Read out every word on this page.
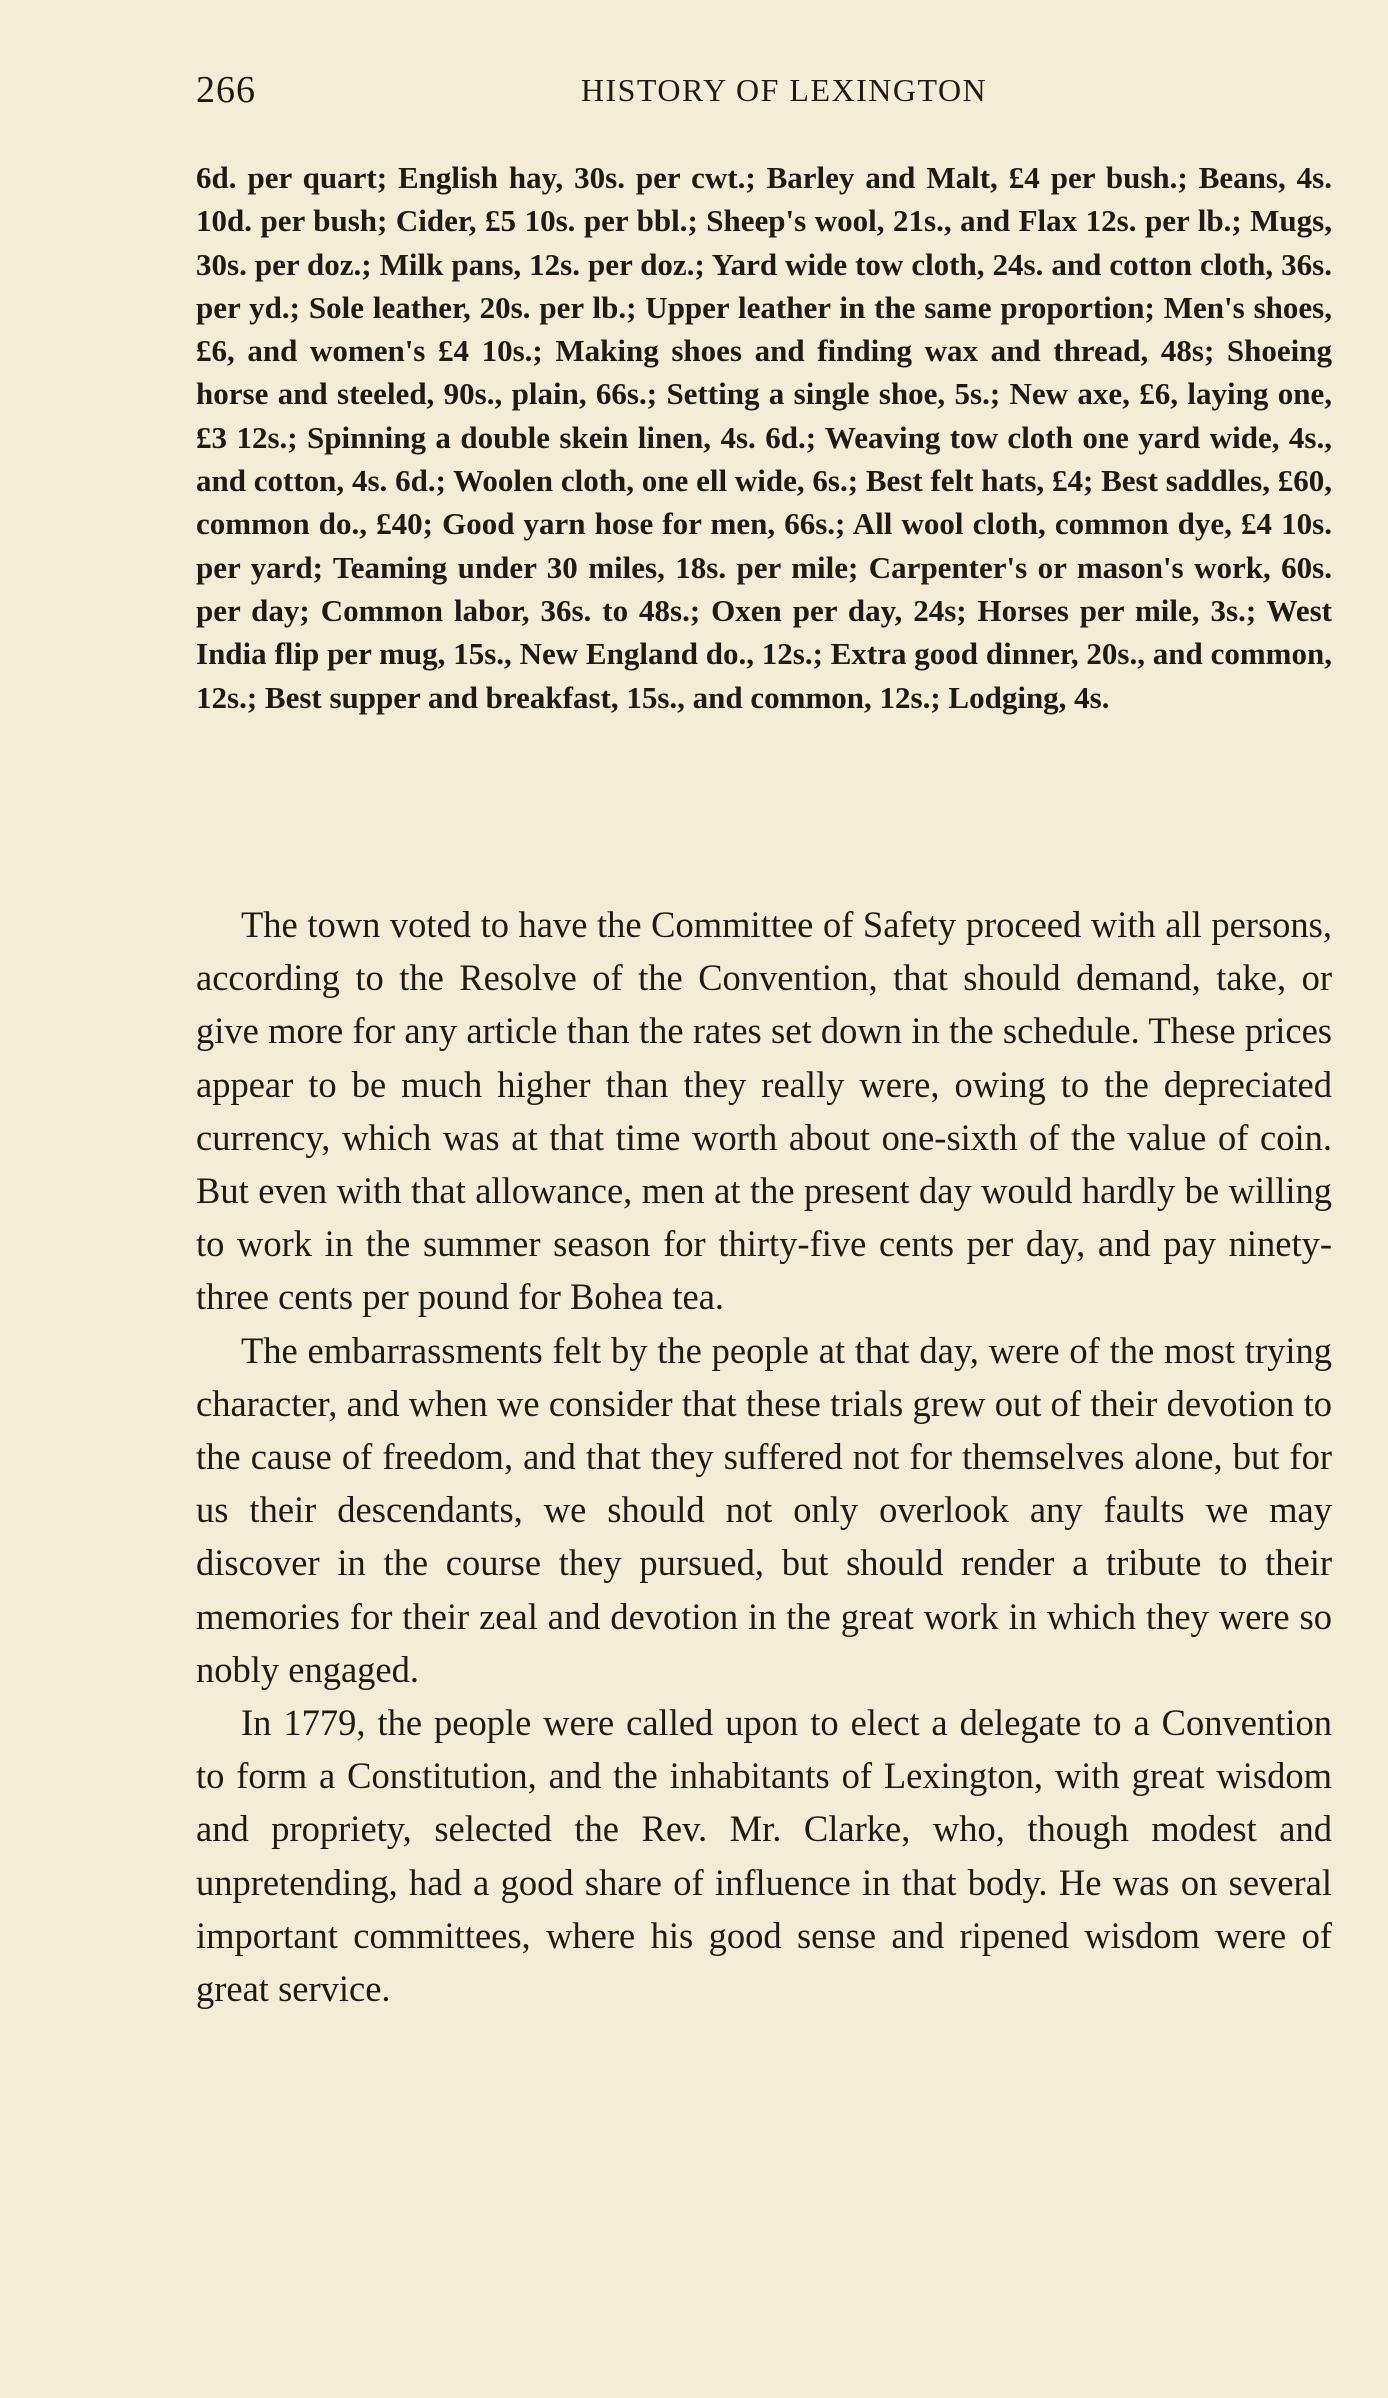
266	HISTORY OF LEXINGTON

6d. per quart; English hay, 30s. per cwt.; Barley and Malt, £4 per bush.; Beans, 4s. 10d. per bush; Cider, £5 10s. per bbl.; Sheep's wool, 21s., and Flax 12s. per lb.; Mugs, 30s. per doz.; Milk pans, 12s. per doz.; Yard wide tow cloth, 24s. and cotton cloth, 36s. per yd.; Sole leather, 20s. per lb.; Upper leather in the same proportion; Men's shoes, £6, and women's £4 10s.; Making shoes and finding wax and thread, 48s; Shoeing horse and steeled, 90s., plain, 66s.; Setting a single shoe, 5s.; New axe, £6, laying one, £3 12s.; Spinning a double skein linen, 4s. 6d.; Weaving tow cloth one yard wide, 4s., and cotton, 4s. 6d.; Woolen cloth, one ell wide, 6s.; Best felt hats, £4; Best saddles, £60, common do., £40; Good yarn hose for men, 66s.; All wool cloth, common dye, £4 10s. per yard; Teaming under 30 miles, 18s. per mile; Carpenter's or mason's work, 60s. per day; Common labor, 36s. to 48s.; Oxen per day, 24s; Horses per mile, 3s.; West India flip per mug, 15s., New England do., 12s.; Extra good dinner, 20s., and common, 12s.; Best supper and breakfast, 15s., and common, 12s.; Lodging, 4s.

The town voted to have the Committee of Safety proceed with all persons, according to the Resolve of the Convention, that should demand, take, or give more for any article than the rates set down in the schedule. These prices appear to be much higher than they really were, owing to the depreciated currency, which was at that time worth about one-sixth of the value of coin. But even with that allowance, men at the present day would hardly be willing to work in the summer season for thirty-five cents per day, and pay ninety-three cents per pound for Bohea tea.

The embarrassments felt by the people at that day, were of the most trying character, and when we consider that these trials grew out of their devotion to the cause of freedom, and that they suffered not for themselves alone, but for us their descendants, we should not only overlook any faults we may discover in the course they pursued, but should render a tribute to their memories for their zeal and devotion in the great work in which they were so nobly engaged.

In 1779, the people were called upon to elect a delegate to a Convention to form a Constitution, and the inhabitants of Lexington, with great wisdom and propriety, selected the Rev. Mr. Clarke, who, though modest and unpretending, had a good share of influence in that body. He was on several important committees, where his good sense and ripened wisdom were of great service.
